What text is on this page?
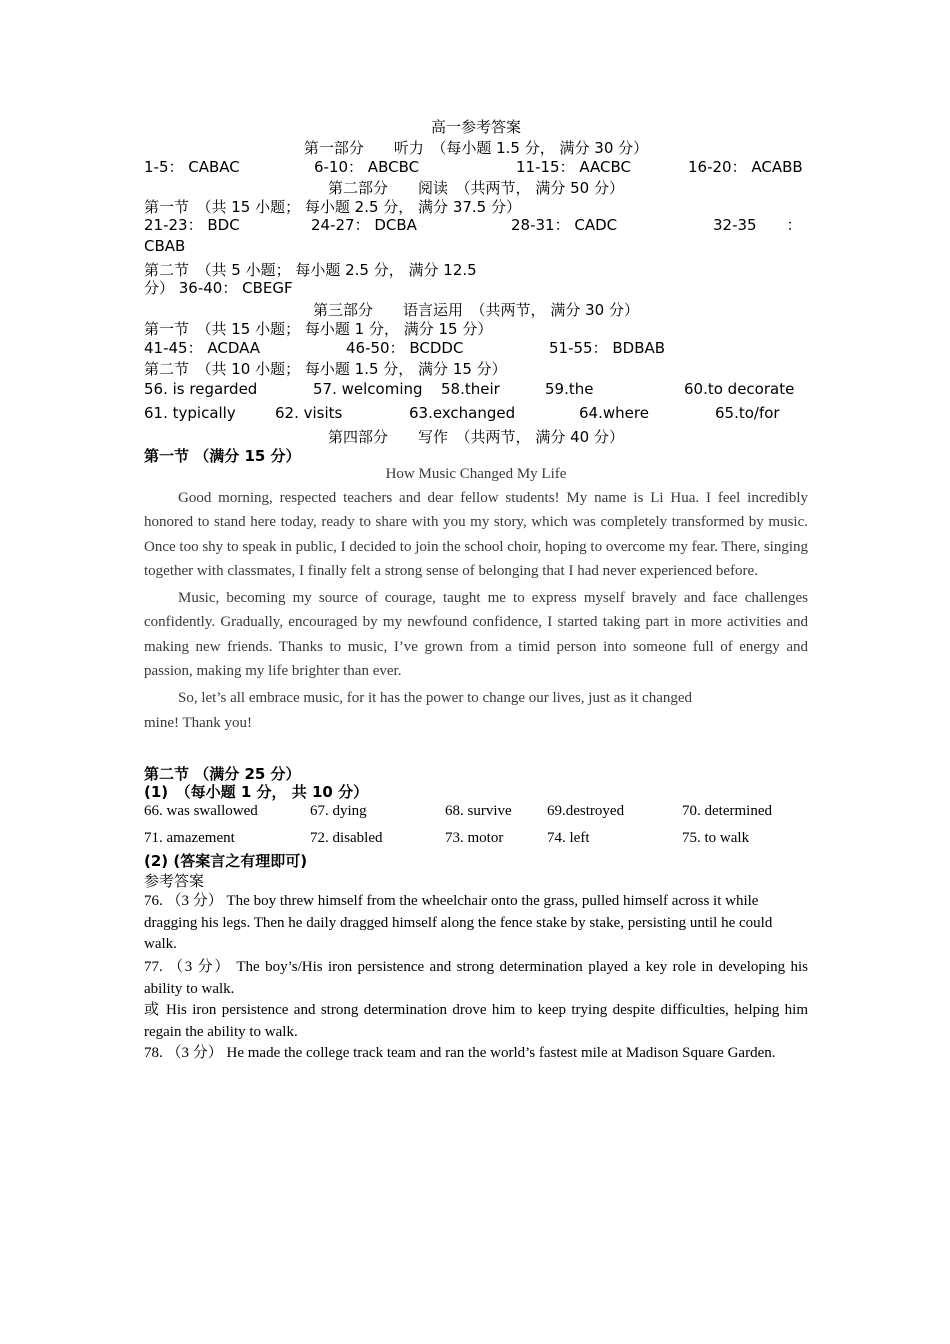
高一参考答案
第一部分　　听力　（每小题 1.5 分， 满分 30 分）
1-5： CABAC	6-10： ABCBC	11-15： AACBC	16-20： ACABB
第二部分　　阅读　（共两节， 满分 50 分）
第一节　（共 15 小题； 每小题 2.5 分， 满分 37.5 分）
21-23： BDC	24-27： DCBA	28-31： CADC	32-35　　：
CBAB
第二节　（共 5 小题； 每小题 2.5 分， 满分 12.5
分） 36-40： CBEGF
第三部分　　语言运用　（共两节， 满分 30 分）
第一节　（共 15 小题； 每小题 1 分， 满分 15 分）
41-45： ACDAA	46-50： BCDDC	51-55： BDBAB
第二节　（共 10 小题； 每小题 1.5 分， 满分 15 分）
56. is regarded	57. welcoming 58.their	59.the	60.to decorate
61. typically	62. visits	63.exchanged	64.where	65.to/for
第四部分　　写作　（共两节， 满分 40 分）
第一节 （满分 15 分）
How Music Changed My Life

Good morning, respected teachers and dear fellow students! My name is Li Hua. I feel incredibly honored to stand here today, ready to share with you my story, which was completely transformed by music. Once too shy to speak in public, I decided to join the school choir, hoping to overcome my fear. There, singing together with classmates, I finally felt a strong sense of belonging that I had never experienced before.

Music, becoming my source of courage, taught me to express myself bravely and face challenges confidently. Gradually, encouraged by my newfound confidence, I started taking part in more activities and making new friends. Thanks to music, I’ve grown from a timid person into someone full of energy and passion, making my life brighter than ever.

So, let’s all embrace music, for it has the power to change our lives, just as it changed
mine! Thank you!

第二节 （满分 25 分）
(1)　（每小题 1 分， 共 10 分）
66. was swallowed	67. dying	68. survive 69.destroyed	70. determined
71. amazement	72. disabled	73. motor	74. left	75. to walk
(2) (答案言之有理即可)
参考答案
76. （3 分） The boy threw himself from the wheelchair onto the grass, pulled himself across it while dragging his legs. Then he daily dragged himself along the fence stake by stake, persisting until he could walk.
77. （3 分） The boy’s/His iron persistence and strong determination played a key role in developing his ability to walk.
或 His iron persistence and strong determination drove him to keep trying despite difficulties, helping him regain the ability to walk.
78. （3 分） He made the college track team and ran the world’s fastest mile at Madison Square Garden.
